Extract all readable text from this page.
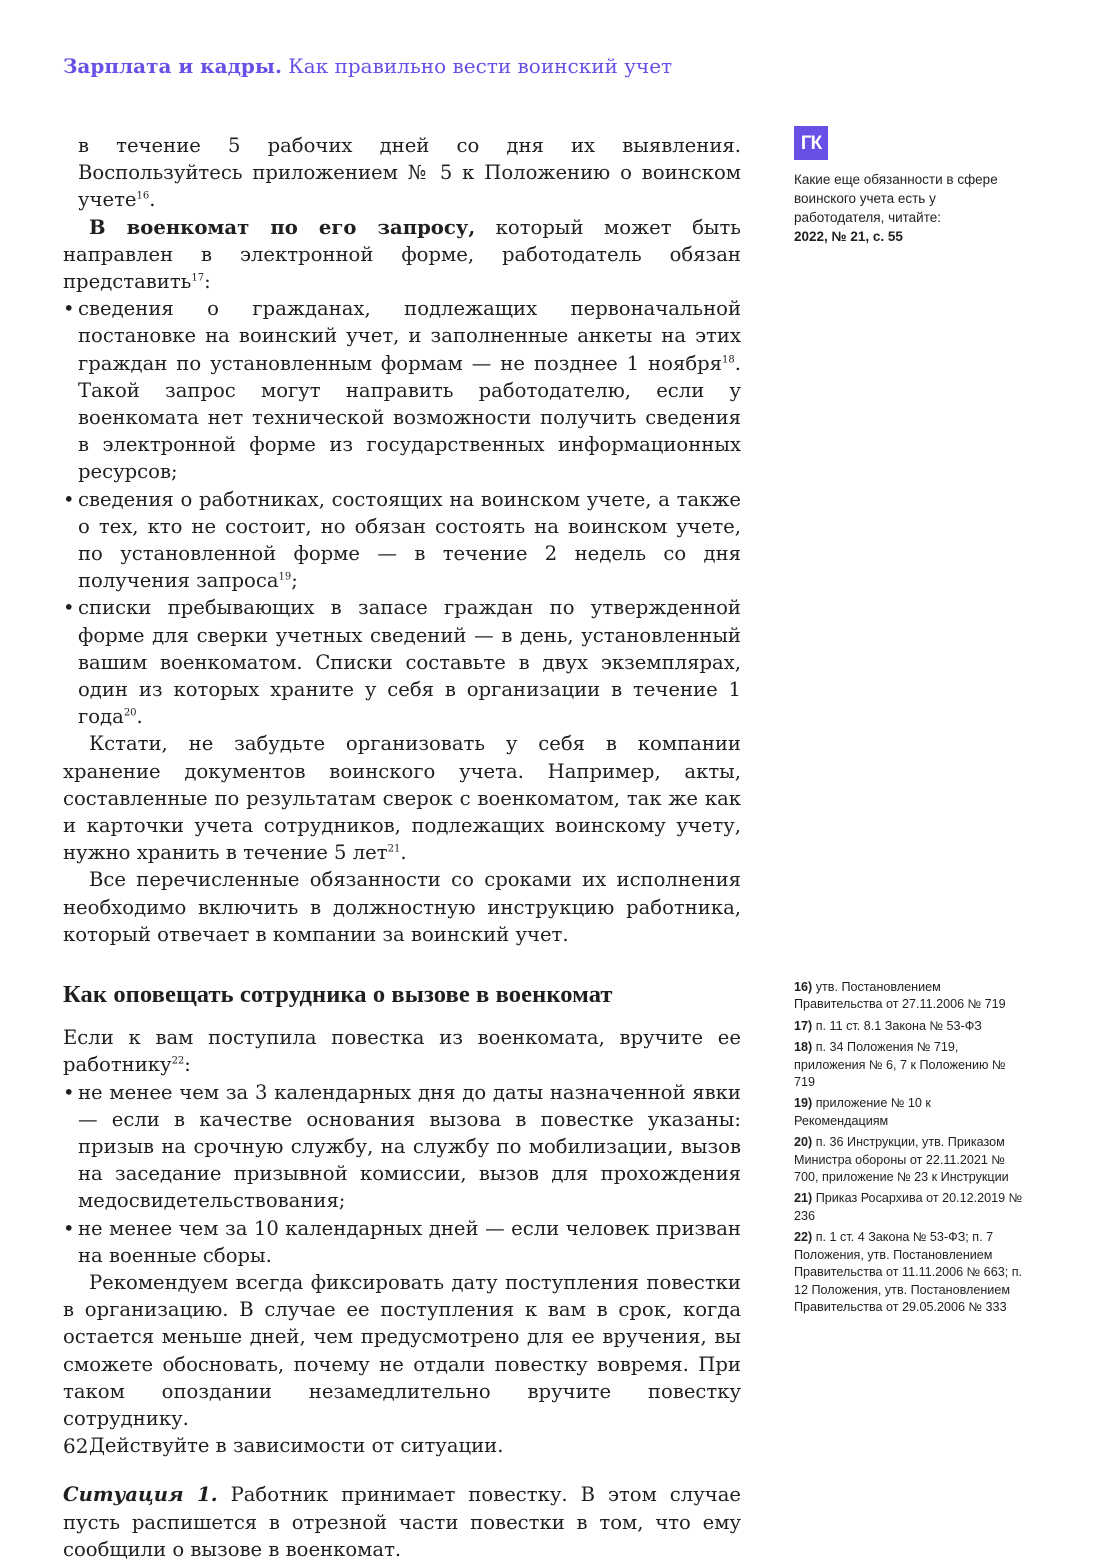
Зарплата и кадры. Как правильно вести воинский учет

в течение 5 рабочих дней со дня их выявления. Воспользуйтесь приложением № 5 к Положению о воинском учете$^{16}$.

В военкомат по его запросу, который может быть направлен в электронной форме, работодатель обязан представить$^{17}$:

• сведения о гражданах, подлежащих первоначальной постановке на воинский учет, и заполненные анкеты на этих граждан по установленным формам — не позднее 1 ноября$^{18}$. Такой запрос могут направить работодателю, если у военкомата нет технической возможности получить сведения в электронной форме из государственных информационных ресурсов;

• сведения о работниках, состоящих на воинском учете, а также о тех, кто не состоит, но обязан состоять на воинском учете, по установленной форме — в течение 2 недель со дня получения запроса$^{19}$;

• списки пребывающих в запасе граждан по утвержденной форме для сверки учетных сведений — в день, установленный вашим военкоматом. Списки составьте в двух экземплярах, один из которых храните у себя в организации в течение 1 года$^{20}$.

Кстати, не забудьте организовать у себя в компании хранение документов воинского учета. Например, акты, составленные по результатам сверок с военкоматом, так же как и карточки учета сотрудников, подлежащих воинскому учету, нужно хранить в течение 5 лет$^{21}$.

Все перечисленные обязанности со сроками их исполнения необходимо включить в должностную инструкцию работника, который отвечает в компании за воинский учет.

Как оповещать сотрудника о вызове в военкомат

Если к вам поступила повестка из военкомата, вручите ее работнику$^{22}$:

• не менее чем за 3 календарных дня до даты назначенной явки — если в качестве основания вызова в повестке указаны: призыв на срочную службу, на службу по мобилизации, вызов на заседание призывной комиссии, вызов для прохождения медосвидетельствования;

• не менее чем за 10 календарных дней — если человек призван на военные сборы.

Рекомендуем всегда фиксировать дату поступления повестки в организацию. В случае ее поступления к вам в срок, когда остается меньше дней, чем предусмотрено для ее вручения, вы сможете обосновать, почему не отдали повестку вовремя. При таком опоздании незамедлительно вручите повестку сотруднику.

Действуйте в зависимости от ситуации.

Ситуация 1. Работник принимает повестку. В этом случае пусть распишется в отрезной части повестки в том, что ему сообщили о вызове в военкомат.

ГК
Какие еще обязанности в сфере воинского учета есть у работодателя, читайте:
2022, № 21, с. 55
16) утв. Постановлением Правительства от 27.11.2006 № 719
17) п. 11 ст. 8.1 Закона № 53-ФЗ
18) п. 34 Положения № 719, приложения № 6, 7 к Положению № 719
19) приложение № 10 к Рекомендациям
20) п. 36 Инструкции, утв. Приказом Министра обороны от 22.11.2021 № 700, приложение № 23 к Инструкции
21) Приказ Росархива от 20.12.2019 № 236
22) п. 1 ст. 4 Закона № 53-ФЗ; п. 7 Положения, утв. Постановлением Правительства от 11.11.2006 № 663; п. 12 Положения, утв. Постановлением Правительства от 29.05.2006 № 333
62
